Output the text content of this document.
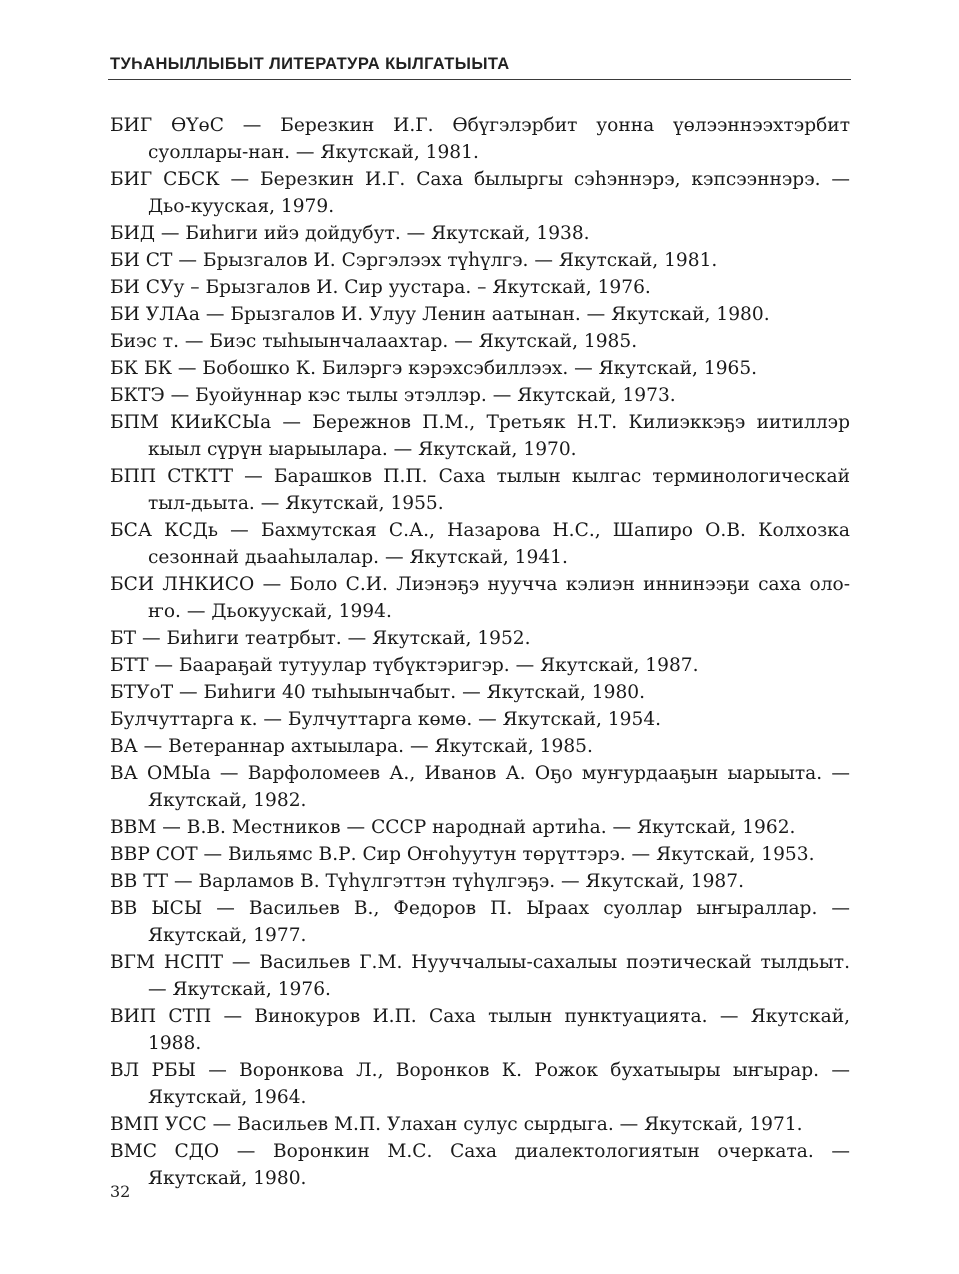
ТУҺАНЫЛЛЫБЫТ ЛИТЕРАТУРА КЫЛГАТЫЫТА

БИГ ӨҮөС — Березкин И.Г. Өбүгэлэрбит уонна үөлээннээхтэрбит суоллары-нан. — Якутскай, 1981.

БИГ СБСК — Березкин И.Г. Саха былыргы сэһэннэрэ, кэпсээннэрэ. — Дьо-кууская, 1979.

БИД — Биһиги ийэ дойдубут. — Якутскай, 1938.

БИ СТ — Брызгалов И. Сэргэлээх түһүлгэ. — Якутскай, 1981.

БИ СУу – Брызгалов И. Сир уустара. – Якутскай, 1976.

БИ УЛАа — Брызгалов И. Улуу Ленин аатынан. — Якутскай, 1980.

Биэс т. — Биэс тыһыынчалаахтар. — Якутскай, 1985.

БК БК — Бобошко К. Билэргэ кэрэхсэбиллээх. — Якутскай, 1965.

БКТЭ — Буойуннар кэс тылы этэллэр. — Якутскай, 1973.

БПМ КИиКСЫа — Бережнов П.М., Третьяк Н.Т. Килиэккэҕэ иитиллэр кыыл сүрүн ыарыылара. — Якутскай, 1970.

БПП СТКТТ — Барашков П.П. Саха тылын кылгас терминологическай тыл-дьыта. — Якутскай, 1955.

БСА КСДь — Бахмутская С.А., Назарова Н.С., Шапиро О.В. Колхозка сезоннай дьааһылалар. — Якутскай, 1941.

БСИ ЛНКИСО — Боло С.И. Лиэнэҕэ нуучча кэлиэн иннинээҕи саха оло-ҥо. — Дьокуускай, 1994.

БТ — Биһиги театрбыт. — Якутскай, 1952.

БТТ — Баараҕай тутуулар түбүктэригэр. — Якутскай, 1987.

БТУоТ — Биһиги 40 тыһыынчабыт. — Якутскай, 1980.

Булчуттарга к. — Булчуттарга көмө. — Якутскай, 1954.

ВА — Ветераннар ахтыылара. — Якутскай, 1985.

ВА ОМЫа — Варфоломеев А., Иванов А. Оҕо муҥурдааҕын ыарыыта. — Якутскай, 1982.

ВВМ — В.В. Местников — СССР народнай артиһа. — Якутскай, 1962.

ВВР СОТ — Вильямс В.Р. Сир Оҥоһуутун төрүттэрэ. — Якутскай, 1953.

ВВ ТТ — Варламов В. Түһүлгэттэн түһүлгэҕэ. — Якутскай, 1987.

ВВ ЫСЫ — Васильев В., Федоров П. Ыраах суоллар ыҥыраллар. — Якутскай, 1977.

ВГМ НСПТ — Васильев Г.М. Нууччалыы-сахалыы поэтическай тылдьыт. — Якутскай, 1976.

ВИП СТП — Винокуров И.П. Саха тылын пунктуацията. — Якутскай, 1988.

ВЛ РБЫ — Воронкова Л., Воронков К. Рожок бухатыыры ыҥырар. — Якутскай, 1964.

ВМП УСС — Васильев М.П. Улахан сулус сырдыга. — Якутскай, 1971.

ВМС СДО — Воронкин М.С. Саха диалектологиятын очерката. — Якутскай, 1980.

32
